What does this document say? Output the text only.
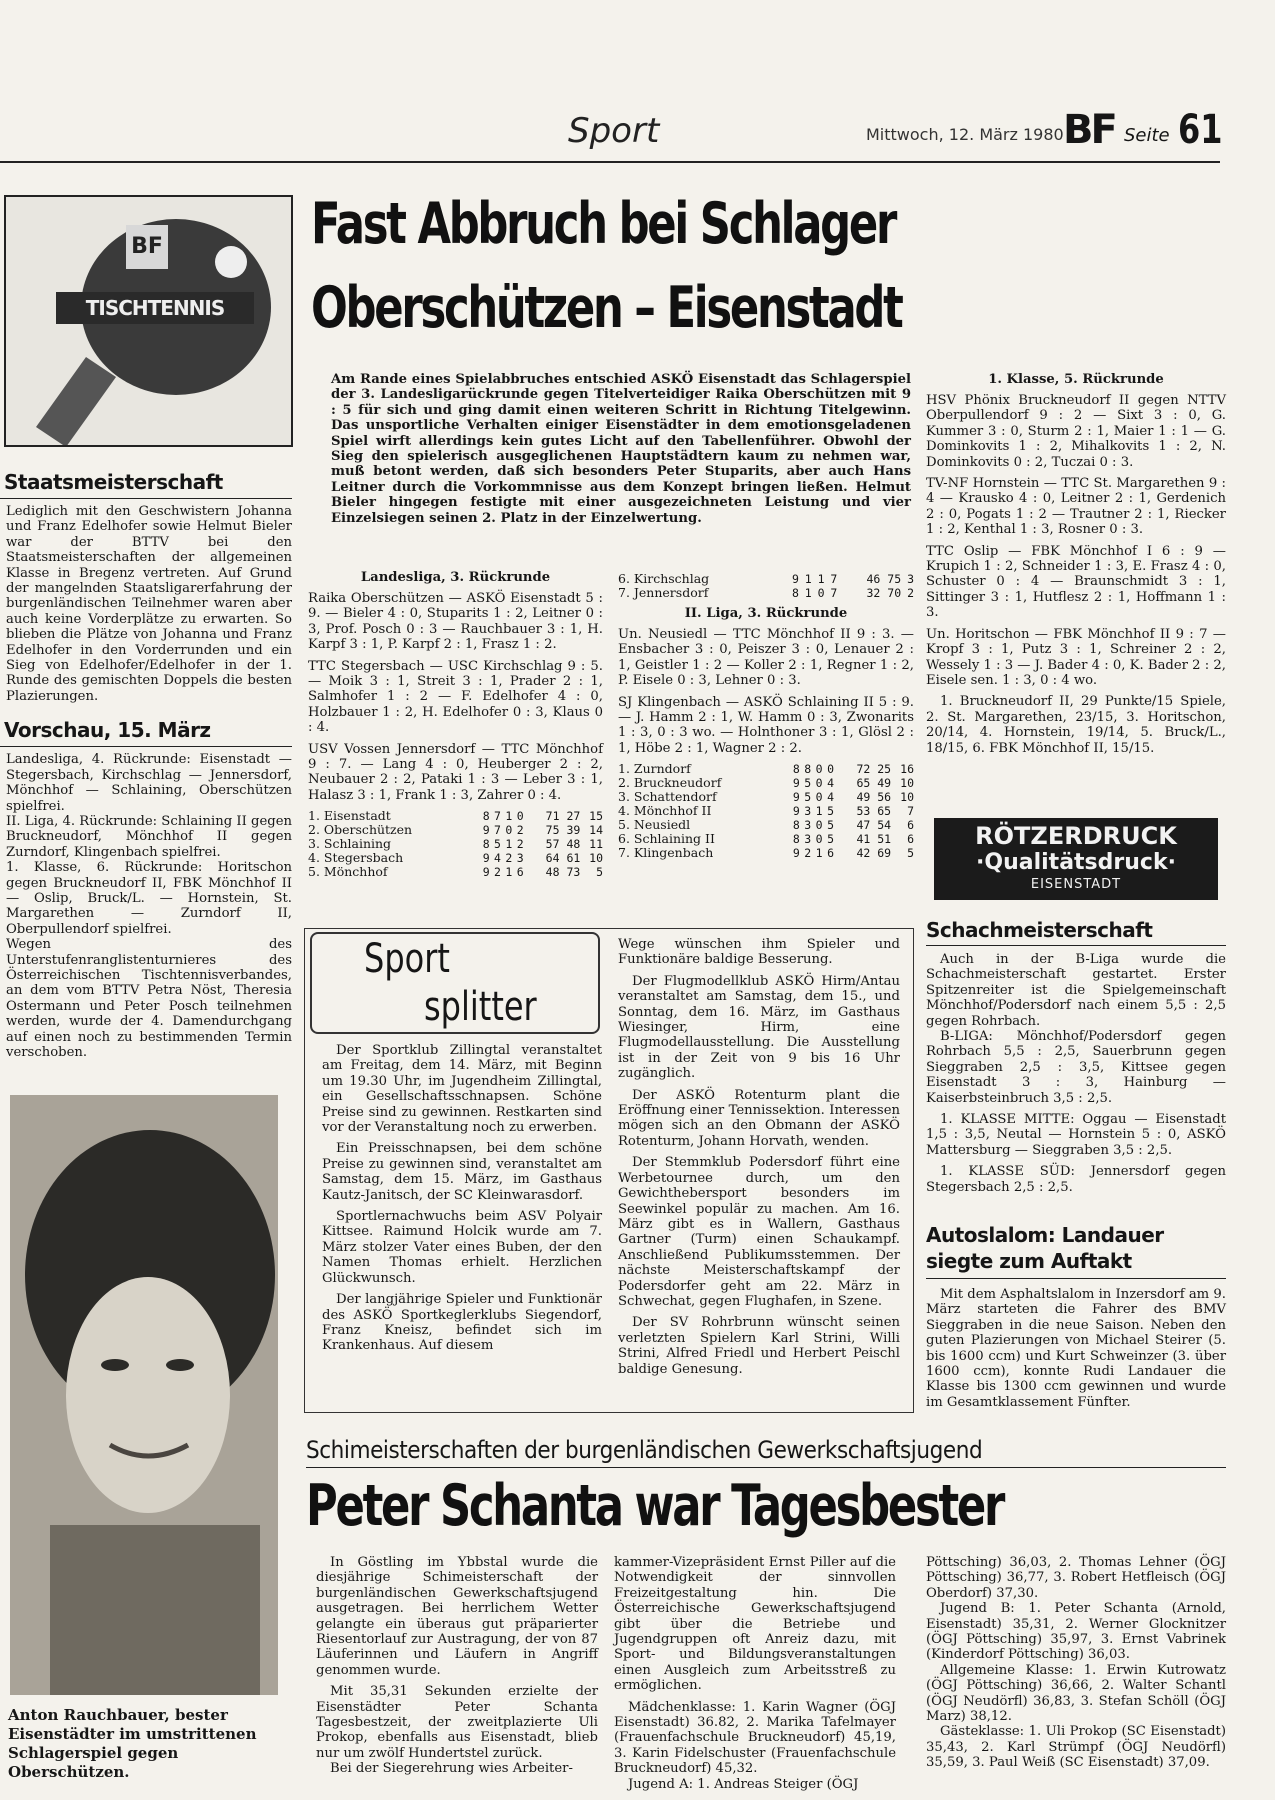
Sport	Mittwoch, 12. März 1980 BF Seite 61
BF
TISCHTENNIS
Fast Abbruch bei Schlager
Oberschützen – Eisenstadt

Am Rande eines Spielabbruches entschied ASKÖ Eisenstadt das Schlagerspiel der 3. Landesligarückrunde gegen Titelverteidiger Raika Oberschützen mit 9 : 5 für sich und ging damit einen weiteren Schritt in Richtung Titelgewinn. Das unsportliche Verhalten einiger Eisenstädter in dem emotionsgeladenen Spiel wirft allerdings kein gutes Licht auf den Tabellenführer. Obwohl der Sieg den spielerisch ausgeglichenen Hauptstädtern kaum zu nehmen war, muß betont werden, daß sich besonders Peter Stuparits, aber auch Hans Leitner durch die Vorkommnisse aus dem Konzept bringen ließen. Helmut Bieler hingegen festigte mit einer ausgezeichneten Leistung und vier Einzelsiegen seinen 2. Platz in der Einzelwertung.

Staatsmeisterschaft

Lediglich mit den Geschwistern Johanna und Franz Edelhofer sowie Helmut Bieler war der BTTV bei den Staatsmeisterschaften der allgemeinen Klasse in Bregenz vertreten. Auf Grund der mangelnden Staatsligarerfahrung der burgenländischen Teilnehmer waren aber auch keine Vorderplätze zu erwarten. So blieben die Plätze von Johanna und Franz Edelhofer in den Vorderrunden und ein Sieg von Edelhofer/Edelhofer in der 1. Runde des gemischten Doppels die besten Plazierungen.

Vorschau, 15. März

Landesliga, 4. Rückrunde: Eisenstadt — Stegersbach, Kirchschlag — Jennersdorf, Mönchhof — Schlaining, Oberschützen spielfrei.

II. Liga, 4. Rückrunde: Schlaining II gegen Bruckneudorf, Mönchhof II gegen Zurndorf, Klingenbach spielfrei.

1. Klasse, 6. Rückrunde: Horitschon gegen Bruckneudorf II, FBK Mönchhof II — Oslip, Bruck/L. — Hornstein, St. Margarethen — Zurndorf II, Oberpullendorf spielfrei.

Wegen des Unterstufenranglistenturnieres des Österreichischen Tischtennisverbandes, an dem vom BTTV Petra Nöst, Theresia Ostermann und Peter Posch teilnehmen werden, wurde der 4. Damendurchgang auf einen noch zu bestimmenden Termin verschoben.

Anton Rauchbauer, bester Eisenstädter im umstrittenen Schlagerspiel gegen Oberschützen.

Landesliga, 3. Rückrunde

Raika Oberschützen — ASKÖ Eisenstadt 5 : 9. — Bieler 4 : 0, Stuparits 1 : 2, Leitner 0 : 3, Prof. Posch 0 : 3 — Rauchbauer 3 : 1, H. Karpf 3 : 1, P. Karpf 2 : 1, Frasz 1 : 2.

TTC Stegersbach — USC Kirchschlag 9 : 5. — Moik 3 : 1, Streit 3 : 1, Prader 2 : 1, Salmhofer 1 : 2 — F. Edelhofer 4 : 0, Holzbauer 1 : 2, H. Edelhofer 0 : 3, Klaus 0 : 4.

USV Vossen Jennersdorf — TTC Mönchhof 9 : 7. — Lang 4 : 0, Heuberger 2 : 2, Neubauer 2 : 2, Pataki 1 : 3 — Leber 3 : 1, Halasz 3 : 1, Frank 1 : 3, Zahrer 0 : 4.

1. Eisenstadt	8	7	1	0	71 27	15
2. Oberschützen	9	7	0	2	75 39	14
3. Schlaining	8	5	1	2	57 48	11
4. Stegersbach	9	4	2	3	64 61	10
5. Mönchhof	9	2	1	6	48 73	5
6. Kirchschlag	9	1	1	7	46 75	3
7. Jennersdorf	8	1	0	7	32 70	2
II. Liga, 3. Rückrunde

Un. Neusiedl — TTC Mönchhof II 9 : 3. — Ensbacher 3 : 0, Peiszer 3 : 0, Lenauer 2 : 1, Geistler 1 : 2 — Koller 2 : 1, Regner 1 : 2, P. Eisele 0 : 3, Lehner 0 : 3.

SJ Klingenbach — ASKÖ Schlaining II 5 : 9. — J. Hamm 2 : 1, W. Hamm 0 : 3, Zwonarits 1 : 3, 0 : 3 wo. — Holnthoner 3 : 1, Glösl 2 : 1, Höbe 2 : 1, Wagner 2 : 2.

1. Zurndorf	8	8	0	0	72 25	16
2. Bruckneudorf	9	5	0	4	65 49	10
3. Schattendorf	9	5	0	4	49 56	10
4. Mönchhof II	9	3	1	5	53 65	7
5. Neusiedl	8	3	0	5	47 54	6
6. Schlaining II	8	3	0	5	41 51	6
7. Klingenbach	9	2	1	6	42 69	5
1. Klasse, 5. Rückrunde

HSV Phönix Bruckneudorf II gegen NTTV Oberpullendorf 9 : 2 — Sixt 3 : 0, G. Kummer 3 : 0, Sturm 2 : 1, Maier 1 : 1 — G. Dominkovits 1 : 2, Mihalkovits 1 : 2, N. Dominkovits 0 : 2, Tuczai 0 : 3.

TV-NF Hornstein — TTC St. Margarethen 9 : 4 — Krausko 4 : 0, Leitner 2 : 1, Gerdenich 2 : 0, Pogats 1 : 2 — Trautner 2 : 1, Riecker 1 : 2, Kenthal 1 : 3, Rosner 0 : 3.

TTC Oslip — FBK Mönchhof I 6 : 9 — Krupich 1 : 2, Schneider 1 : 3, E. Frasz 4 : 0, Schuster 0 : 4 — Braunschmidt 3 : 1, Sittinger 3 : 1, Hutflesz 2 : 1, Hoffmann 1 : 3.

Un. Horitschon — FBK Mönchhof II 9 : 7 — Kropf 3 : 1, Putz 3 : 1, Schreiner 2 : 2, Wessely 1 : 3 — J. Bader 4 : 0, K. Bader 2 : 2, Eisele sen. 1 : 3, 0 : 4 wo.

1. Bruckneudorf II, 29 Punkte/15 Spiele, 2. St. Margarethen, 23/15, 3. Horitschon, 20/14, 4. Hornstein, 19/14, 5. Bruck/L., 18/15, 6. FBK Mönchhof II, 15/15.

RÖTZERDRUCK
·Qualitätsdruck·
EISENSTADT
Schachmeisterschaft

Auch in der B-Liga wurde die Schachmeisterschaft gestartet. Erster Spitzenreiter ist die Spielgemeinschaft Mönchhof/Podersdorf nach einem 5,5 : 2,5 gegen Rohrbach.

B-LIGA: Mönchhof/Podersdorf gegen Rohrbach 5,5 : 2,5, Sauerbrunn gegen Sieggraben 2,5 : 3,5, Kittsee gegen Eisenstadt 3 : 3, Hainburg — Kaiserbsteinbruch 3,5 : 2,5.

1. KLASSE MITTE: Oggau — Eisenstadt 1,5 : 3,5, Neutal — Hornstein 5 : 0, ASKÖ Mattersburg — Sieggraben 3,5 : 2,5.

1. KLASSE SÜD: Jennersdorf gegen Stegersbach 2,5 : 2,5.

Autoslalom: Landauer siegte zum Auftakt

Mit dem Asphaltslalom in Inzersdorf am 9. März starteten die Fahrer des BMV Sieggraben in die neue Saison. Neben den guten Plazierungen von Michael Steirer (5. bis 1600 ccm) und Kurt Schweinzer (3. über 1600 ccm), konnte Rudi Landauer die Klasse bis 1300 ccm gewinnen und wurde im Gesamtklassement Fünfter.

Sport
splitter

Der Sportklub Zillingtal veranstaltet am Freitag, dem 14. März, mit Beginn um 19.30 Uhr, im Jugendheim Zillingtal, ein Gesellschaftsschnapsen. Schöne Preise sind zu gewinnen. Restkarten sind vor der Veranstaltung noch zu erwerben.

Ein Preisschnapsen, bei dem schöne Preise zu gewinnen sind, veranstaltet am Samstag, dem 15. März, im Gasthaus Kautz-Janitsch, der SC Kleinwarasdorf.

Sportlernachwuchs beim ASV Polyair Kittsee. Raimund Holcik wurde am 7. März stolzer Vater eines Buben, der den Namen Thomas erhielt. Herzlichen Glückwunsch.

Der langjährige Spieler und Funktionär des ASKÖ Sportkeglerklubs Siegendorf, Franz Kneisz, befindet sich im Krankenhaus. Auf diesem

Wege wünschen ihm Spieler und Funktionäre baldige Besserung.

Der Flugmodellklub ASKÖ Hirm/Antau veranstaltet am Samstag, dem 15., und Sonntag, dem 16. März, im Gasthaus Wiesinger, Hirm, eine Flugmodellausstellung. Die Ausstellung ist in der Zeit von 9 bis 16 Uhr zugänglich.

Der ASKÖ Rotenturm plant die Eröffnung einer Tennissektion. Interessen mögen sich an den Obmann der ASKÖ Rotenturm, Johann Horvath, wenden.

Der Stemmklub Podersdorf führt eine Werbetournee durch, um den Gewichthebersport besonders im Seewinkel populär zu machen. Am 16. März gibt es in Wallern, Gasthaus Gartner (Turm) einen Schaukampf. Anschließend Publikumsstemmen. Der nächste Meisterschaftskampf der Podersdorfer geht am 22. März in Schwechat, gegen Flughafen, in Szene.

Der SV Rohrbrunn wünscht seinen verletzten Spielern Karl Strini, Willi Strini, Alfred Friedl und Herbert Peischl baldige Genesung.

Schimeisterschaften der burgenländischen Gewerkschaftsjugend
Peter Schanta war Tagesbester

In Göstling im Ybbstal wurde die diesjährige Schimeisterschaft der burgenländischen Gewerkschaftsjugend ausgetragen. Bei herrlichem Wetter gelangte ein überaus gut präparierter Riesentorlauf zur Austragung, der von 87 Läuferinnen und Läufern in Angriff genommen wurde.

Mit 35,31 Sekunden erzielte der Eisenstädter Peter Schanta Tagesbestzeit, der zweitplazierte Uli Prokop, ebenfalls aus Eisenstadt, blieb nur um zwölf Hundertstel zurück.

Bei der Siegerehrung wies Arbeiter-

kammer-Vizepräsident Ernst Piller auf die Notwendigkeit der sinnvollen Freizeitgestaltung hin. Die Österreichische Gewerkschaftsjugend gibt über die Betriebe und Jugendgruppen oft Anreiz dazu, mit Sport- und Bildungsveranstaltungen einen Ausgleich zum Arbeitsstreß zu ermöglichen.

Mädchenklasse: 1. Karin Wagner (ÖGJ Eisenstadt) 36.82, 2. Marika Tafelmayer (Frauenfachschule Bruckneudorf) 45,19, 3. Karin Fidelschuster (Frauenfachschule Bruckneudorf) 45,32.

Jugend A: 1. Andreas Steiger (ÖGJ

Pöttsching) 36,03, 2. Thomas Lehner (ÖGJ Pöttsching) 36,77, 3. Robert Hetfleisch (ÖGJ Oberdorf) 37,30.

Jugend B: 1. Peter Schanta (Arnold, Eisenstadt) 35,31, 2. Werner Glocknitzer (ÖGJ Pöttsching) 35,97, 3. Ernst Vabrinek (Kinderdorf Pöttsching) 36,03.

Allgemeine Klasse: 1. Erwin Kutrowatz (ÖGJ Pöttsching) 36,66, 2. Walter Schantl (ÖGJ Neudörfl) 36,83, 3. Stefan Schöll (ÖGJ Marz) 38,12.

Gästeklasse: 1. Uli Prokop (SC Eisenstadt) 35,43, 2. Karl Strümpf (ÖGJ Neudörfl) 35,59, 3. Paul Weiß (SC Eisenstadt) 37,09.
